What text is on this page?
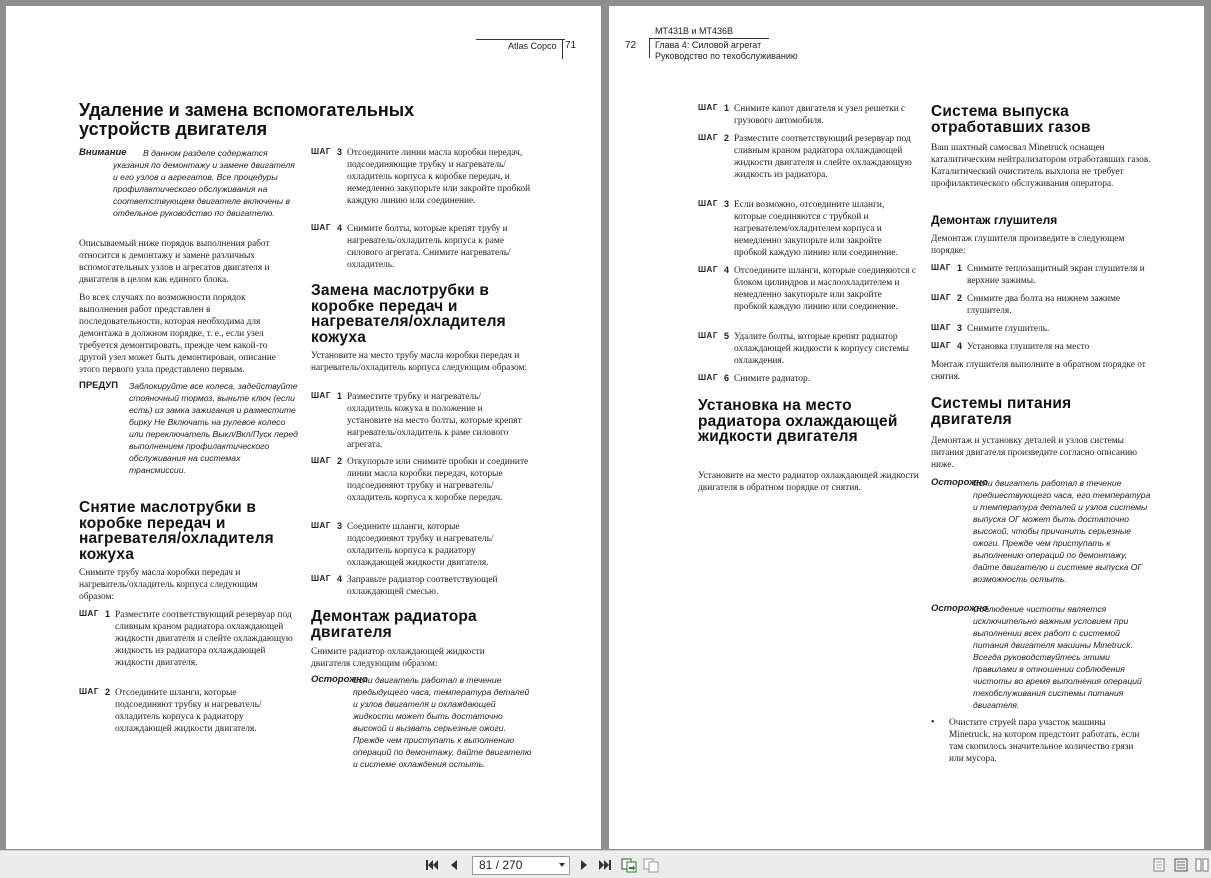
Atlas Copco 71
Удаление и замена вспомогательных устройств двигателя
Внимание	В данном разделе содержатся указания по демонтажу и замене двигателя и его узлов и агрегатов. Все процедуры профилактического обслуживания на соответствующем двигателе включены в отдельное руководство по двигателю.
Описываемый ниже порядок выполнения работ относится к демонтажу и замене различных вспомогательных узлов и агрегатов двигателя и двигателя в целом как единого блока.
Во всех случаях по возможности порядок выполнения работ представлен в последовательности, которая необходима для демонтажа в должном порядке, т. е., если узел требуется демонтировать, прежде чем какой-то другой узел может быть демонтирован, описание этого первого узла представлено первым.
ПРЕДУП Заблокируйте все колеса, задействуйте стояночный тормоз, выньте ключ (если есть) из замка зажигания и разместите бирку Не Включать на рулевое колесо или переключатель Выкл/Вкл/Пуск перед выполнением профилактического обслуживания на системах трансмиссии.
Снятие маслотрубки в коробке передач и нагревателя/охладителя кожуха
Снимите трубу масла коробки передач и нагреватель/охладитель корпуса следующим образом:
ШАГ 1 Разместите соответствующий резервуар под сливным краном радиатора охлаждающей жидкости двигателя и слейте охлаждающую жидкость из радиатора охлаждающей жидкости двигателя.
ШАГ 2 Отсоедините шланги, которые подсоединяют трубку и нагреватель/охладитель корпуса к радиатору охлаждающей жидкости двигателя.
ШАГ 3 Отсоедините линии масла коробки передач, подсоединяющие трубку и нагреватель/охладитель корпуса к коробке передач, и немедленно закупорьте или закройте пробкой каждую линию или соединение.
ШАГ 4 Снимите болты, которые крепят трубу и нагреватель/охладитель корпуса к раме силового агрегата. Снимите нагреватель/охладитель.
Замена маслотрубки в коробке передач и нагревателя/охладителя кожуха
Установите на место трубу масла коробки передач и нагреватель/охладитель корпуса следующим образом:
ШАГ 1 Разместите трубку и нагреватель/охладитель кожуха в положение и установите на место болты, которые крепят нагреватель/охладитель к раме силового агрегата.
ШАГ 2 Откупорьте или снимите пробки и соедините линии масла коробки передач, которые подсоединяют трубку и нагреватель/охладитель корпуса к коробке передач.
ШАГ 3 Соедините шланги, которые подсоединяют трубку и нагреватель/охладитель корпуса к радиатору охлаждающей жидкости двигателя.
ШАГ 4 Заправьте радиатор соответствующей охлаждающей смесью.
Демонтаж радиатора двигателя
Снимите радиатор охлаждающей жидкости двигателя следующим образом:
Осторожно
Если двигатель работал в течение предыдущего часа, температура деталей и узлов двигателя и охлаждающей жидкости может быть достаточно высокой и вызвать серьезные ожоги. Прежде чем приступать к выполнению операций по демонтажу, дайте двигателю и системе охлаждения остыть.
72
MT431B и MT436B
Глава 4: Силовой агрегат
Руководство по техобслуживанию
ШАГ 1 Снимите капот двигателя и узел решетки с грузового автомобиля.
ШАГ 2 Разместите соответствующий резервуар под сливным краном радиатора охлаждающей жидкости двигателя и слейте охлаждающую жидкость из радиатора.
ШАГ 3 Если возможно, отсоедините шланги, которые соединяются с трубкой и нагревателем/охладителем корпуса и немедленно закупорьте или закройте пробкой каждую линию или соединение.
ШАГ 4 Отсоедините шланги, которые соединяются с блоком цилиндров и маслоохладителем и немедленно закупорьте или закройте пробкой каждую линию или соединение.
ШАГ 5 Удалите болты, которые крепят радиатор охлаждающей жидкости к корпусу системы охлаждения.
ШАГ 6 Снимите радиатор.
Установка на место радиатора охлаждающей жидкости двигателя
Установите на место радиатор охлаждающей жидкости двигателя в обратном порядке от снятия.
Система выпуска отработавших газов
Ваш шахтный самосвал Minetruck оснащен каталитическим нейтрализатором отработавших газов. Каталитический очиститель выхлопа не требует профилактического обслуживания оператора.
Демонтаж глушителя
Демонтаж глушителя произведите в следующем порядке:
ШАГ 1 Снимите теплозащитный экран глушителя и верхние зажимы.
ШАГ 2 Снимите два болта на нижнем зажиме глушителя.
ШАГ 3 Снимите глушитель.
ШАГ 4 Установка глушителя на место
Монтаж глушителя выполните в обратном порядке от снятия.
Системы питания двигателя
Демонтаж и установку деталей и узлов системы питания двигателя произведите согласно описанию ниже.
Осторожно
Если двигатель работал в течение предшествующего часа, его температура и температура деталей и узлов системы выпуска ОГ может быть достаточно высокой, чтобы причинить серьезные ожоги. Прежде чем приступать к выполнению операций по демонтажу, дайте двигателю и системе выпуска ОГ возможность остыть.
Осторожно
Соблюдение чистоты является исключительно важным условием при выполнении всех работ с системой питания двигателя машины Minetruck. Всегда руководствуйтесь этими правилами в отношении соблюдения чистоты во время выполнения операций техобслуживания системы питания двигателя.
• Очистите струей пара участок машины Minetruck, на котором предстоит работать, если там скопилось значительное количество грязи или мусора.
81 / 270
